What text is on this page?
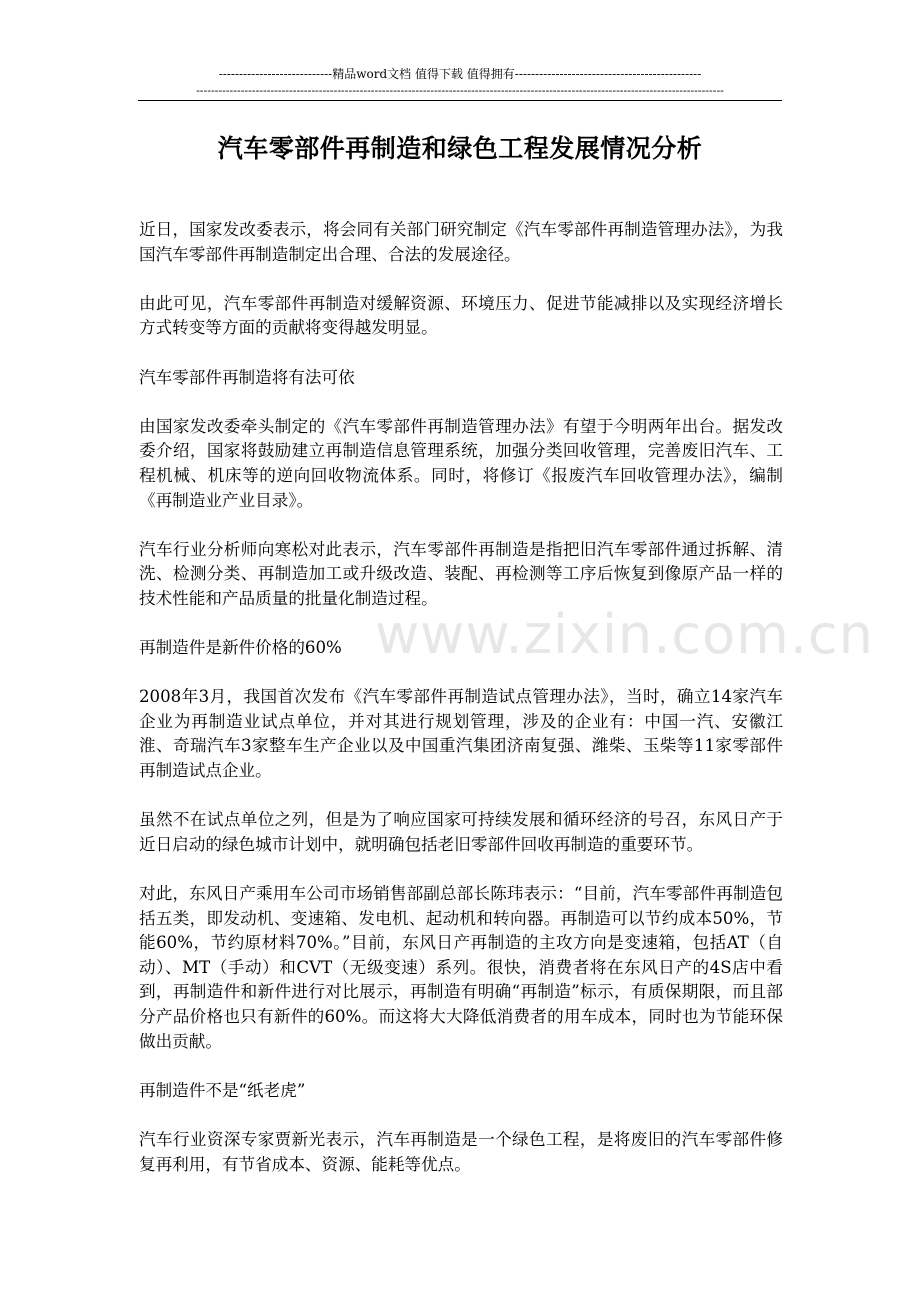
----------------------------精品word文档 值得下载 值得拥有----------------------------------------------
----------------------------------------------------------------------------------------------------------------------------------------------
汽车零部件再制造和绿色工程发展情况分析

近日，国家发改委表示，将会同有关部门研究制定《汽车零部件再制造管理办法》，为我国汽车零部件再制造制定出合理、合法的发展途径。

由此可见，汽车零部件再制造对缓解资源、环境压力、促进节能减排以及实现经济增长方式转变等方面的贡献将变得越发明显。

汽车零部件再制造将有法可依

由国家发改委牵头制定的《汽车零部件再制造管理办法》有望于今明两年出台。据发改委介绍，国家将鼓励建立再制造信息管理系统，加强分类回收管理，完善废旧汽车、工程机械、机床等的逆向回收物流体系。同时，将修订《报废汽车回收管理办法》，编制《再制造业产业目录》。

汽车行业分析师向寒松对此表示，汽车零部件再制造是指把旧汽车零部件通过拆解、清洗、检测分类、再制造加工或升级改造、装配、再检测等工序后恢复到像原产品一样的技术性能和产品质量的批量化制造过程。

再制造件是新件价格的60%

2008年3月，我国首次发布《汽车零部件再制造试点管理办法》，当时，确立14家汽车企业为再制造业试点单位，并对其进行规划管理，涉及的企业有：中国一汽、安徽江淮、奇瑞汽车3家整车生产企业以及中国重汽集团济南复强、潍柴、玉柴等11家零部件再制造试点企业。

虽然不在试点单位之列，但是为了响应国家可持续发展和循环经济的号召，东风日产于近日启动的绿色城市计划中，就明确包括老旧零部件回收再制造的重要环节。

对此，东风日产乘用车公司市场销售部副总部长陈玮表示：“目前，汽车零部件再制造包括五类，即发动机、变速箱、发电机、起动机和转向器。再制造可以节约成本50%，节能60%，节约原材料70%。”目前，东风日产再制造的主攻方向是变速箱，包括AT（自动）、MT（手动）和CVT（无级变速）系列。很快，消费者将在东风日产的4S店中看到，再制造件和新件进行对比展示，再制造有明确“再制造”标示，有质保期限，而且部分产品价格也只有新件的60%。而这将大大降低消费者的用车成本，同时也为节能环保做出贡献。

再制造件不是“纸老虎”

汽车行业资深专家贾新光表示，汽车再制造是一个绿色工程，是将废旧的汽车零部件修复再利用，有节省成本、资源、能耗等优点。

www.zixin.com.cn
